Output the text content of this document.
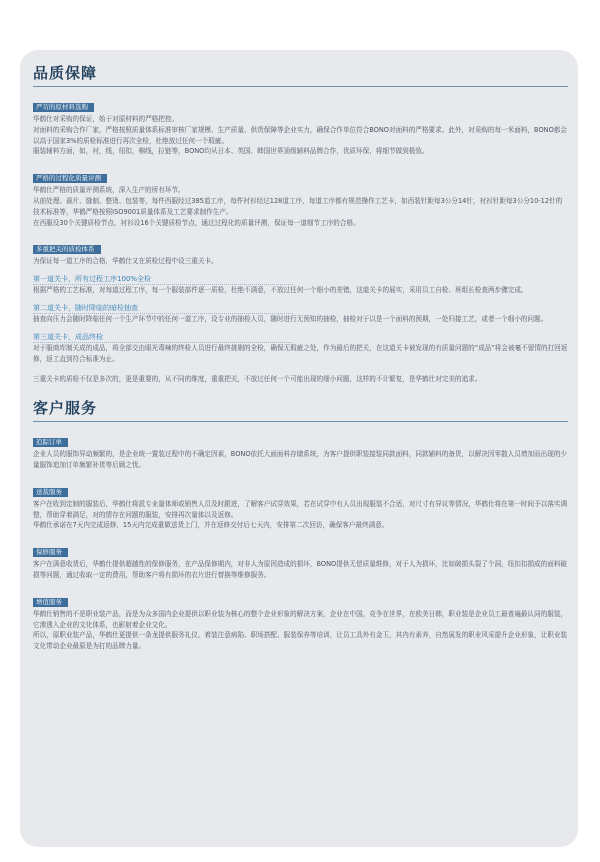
品质保障
严苛的原材料选购

华鹤仕对采购的保证，始于对原材料的严格把控。

对面料的采购合作厂家，严格按照质量体系标准审核厂家规模、生产质量、供货保障等企业实力，确保合作单位符合BONO对面料的严格要求。此外，对采购的每一米面料，BONO都会以高于国家3%的质检标准进行再次全检，杜绝放过任何一个瑕疵。

服装辅料方面，如，衬，线，纽扣，棉线，拉链等，BONO均从日本、英国、韩国世界顶级辅料品牌合作，优质环保，将细节做到极致。

严格的过程化质量评测

华鹤仕严格的质量评测系统，深入生产的所有环节。

从前处理、裁片、缝制、整烫、包装等，每件西服经过385道工序，每件衬衫经过128道工序，每道工序都有规范操作工艺卡，如西装针距每3公分14针，衬衫针距每3公分10-12针的技术标准等，华鹤严格按照ISO9001质量体系及工艺要求制作生产。

在西服设30个关键质检节点，衬衫设16个关键质检节点，通过过程化的质量评测，保证每一道细节工序的合格。

多重把关的质检体系

为保证每一道工序的合格，华鹤仕又在质检过程中设三重关卡。

第一道关卡，所有过程工序100%全检

根据严格的工艺标准，对每道过程工序，每一个服装部件逐一质检，杜绝不满意，不放过任何一个细小的差错，这道关卡的展实，采用员工自检、班组长检查两步骤完成。

第二道关卡，随时降临的暗检抽查

抽查向压力会随时降临任何一个生产环节中的任何一道工序，设专业的抽检人员，随时进行无预知的抽检，抽检对于以是一个面料的预期，一处归接工艺，或者一个细小的问题。

第三道关卡，成品终检

对于服商库制关成的成品，将全部交由眼光毒辣的终检人员进行最终挑剔的全检，确保无瑕疵之处，作为最后的把关，在这道关卡被发现的有质量问题的“成品”将会被毫不留情的打回返修，返工直到符合标准为止。

三重关卡的质检不仅是多次的，更是重要的，从不同的维度，重重把关，不放过任何一个可能出现的细小问题，这样的不计繁复，是华鹤仕对完美的追求。

客户服务
追踪订单

企业人员的服饰异动频繁的，是企业统一置装过程中的不确定因素，BONO依托大面面料存储系统，为客户提供职装接装同款面料，同款辅料的备货，以解决因零散人员增加而出现的少量服饰追加订单频繁补货等后顾之忧。

送裁服务

客户在收到定制的服装后，华鹤仕将派专业量体师或销售人员及时跟进，了解客户试穿效果，若在试穿中有人员出现服装不合适，对尺寸有异议等情况，华鹤仕将在第一时间予以落实调整，帮助穿着满足，对的情存在问题的服装，安排再次量体以及返修。

华鹤仕承诺在7天内完成返修，15天内完成重做送货上门，并在返修交付后七天内，安排第二次回访，确保客户最终满意。

保修服务

客户在满意收货后，华鹤仕提供超越性的保修服务，在产品保修期内，对非人为原因造成的损坏，BONO提供无偿质量维修，对于人为损坏，比如破损头裂了个洞，纽扣扣损成的面料破损等问题，通过收取一定的费用，帮助客户将有损坏的衣片进行替换等维修服务。

增值服务

华鹤仕销售的不是职业装产品，而是为众多国内企业提供以职业装为核心的整个企业形象的解决方案，企业在中国，竞争在世界，在欧美日韩，职业装是企业员工最普遍最认同的服装，它渗透入企业的文化体系，也影射着企业文化。

所以，原职业装产品，华鹤仕更提供一条龙提供服务礼仪、着装注意病陷、职场搭配、服装保养等培训，让员工具外有金玉，其内有素养，自然展发的职业风采提升企业形象，让职业装文化带动企业最原是为打的品牌力量。
